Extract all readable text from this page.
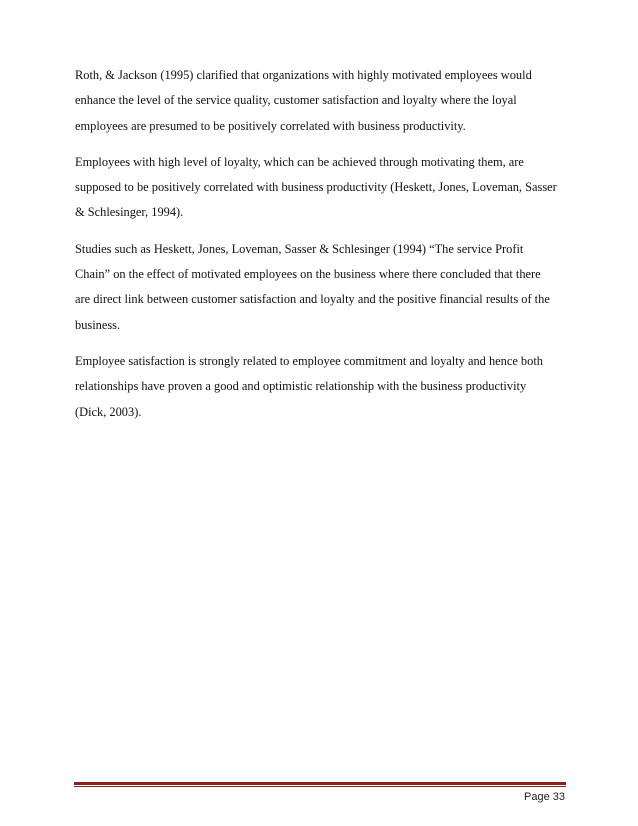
Roth, & Jackson (1995) clarified that organizations with highly motivated employees would
enhance the level of the service quality, customer satisfaction and loyalty where the loyal
employees are presumed to be positively correlated with business productivity.

Employees with high level of loyalty, which can be achieved through motivating them, are
supposed to be positively correlated with business productivity (Heskett, Jones, Loveman, Sasser
& Schlesinger, 1994).

Studies such as Heskett, Jones, Loveman, Sasser & Schlesinger (1994) “The service Profit
Chain” on the effect of motivated employees on the business where there concluded that there
are direct link between customer satisfaction and loyalty and the positive financial results of the
business.

Employee satisfaction is strongly related to employee commitment and loyalty and hence both
relationships have proven a good and optimistic relationship with the business productivity
(Dick, 2003).

Page 33
